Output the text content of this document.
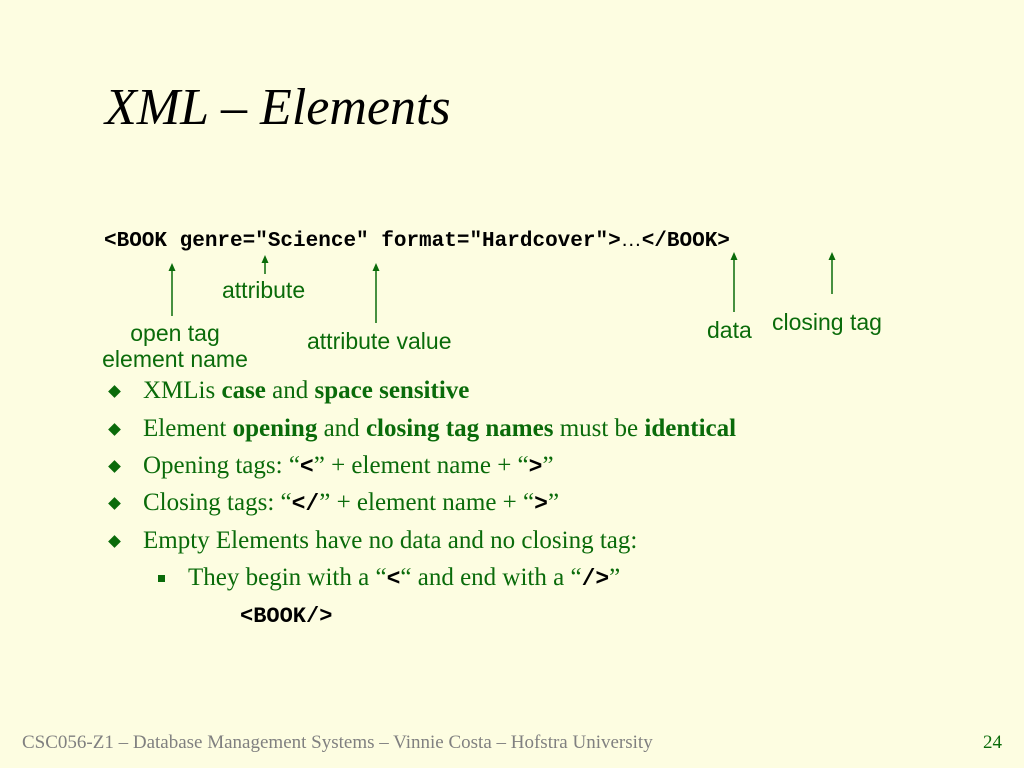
XML – Elements
<BOOK genre="Science" format="Hardcover">…</BOOK>
attribute
open tag
element name
attribute value	data closing tag
XMLis case and space sensitive
Element opening and closing tag names must be identical
Opening tags: “<” + element name + “>”
Closing tags: “</” + element name + “>”
Empty Elements have no data and no closing tag:
They begin with a “<“ and end with a “/>”
<BOOK/>
CSC056-Z1 – Database Management Systems – Vinnie Costa – Hofstra University	24
